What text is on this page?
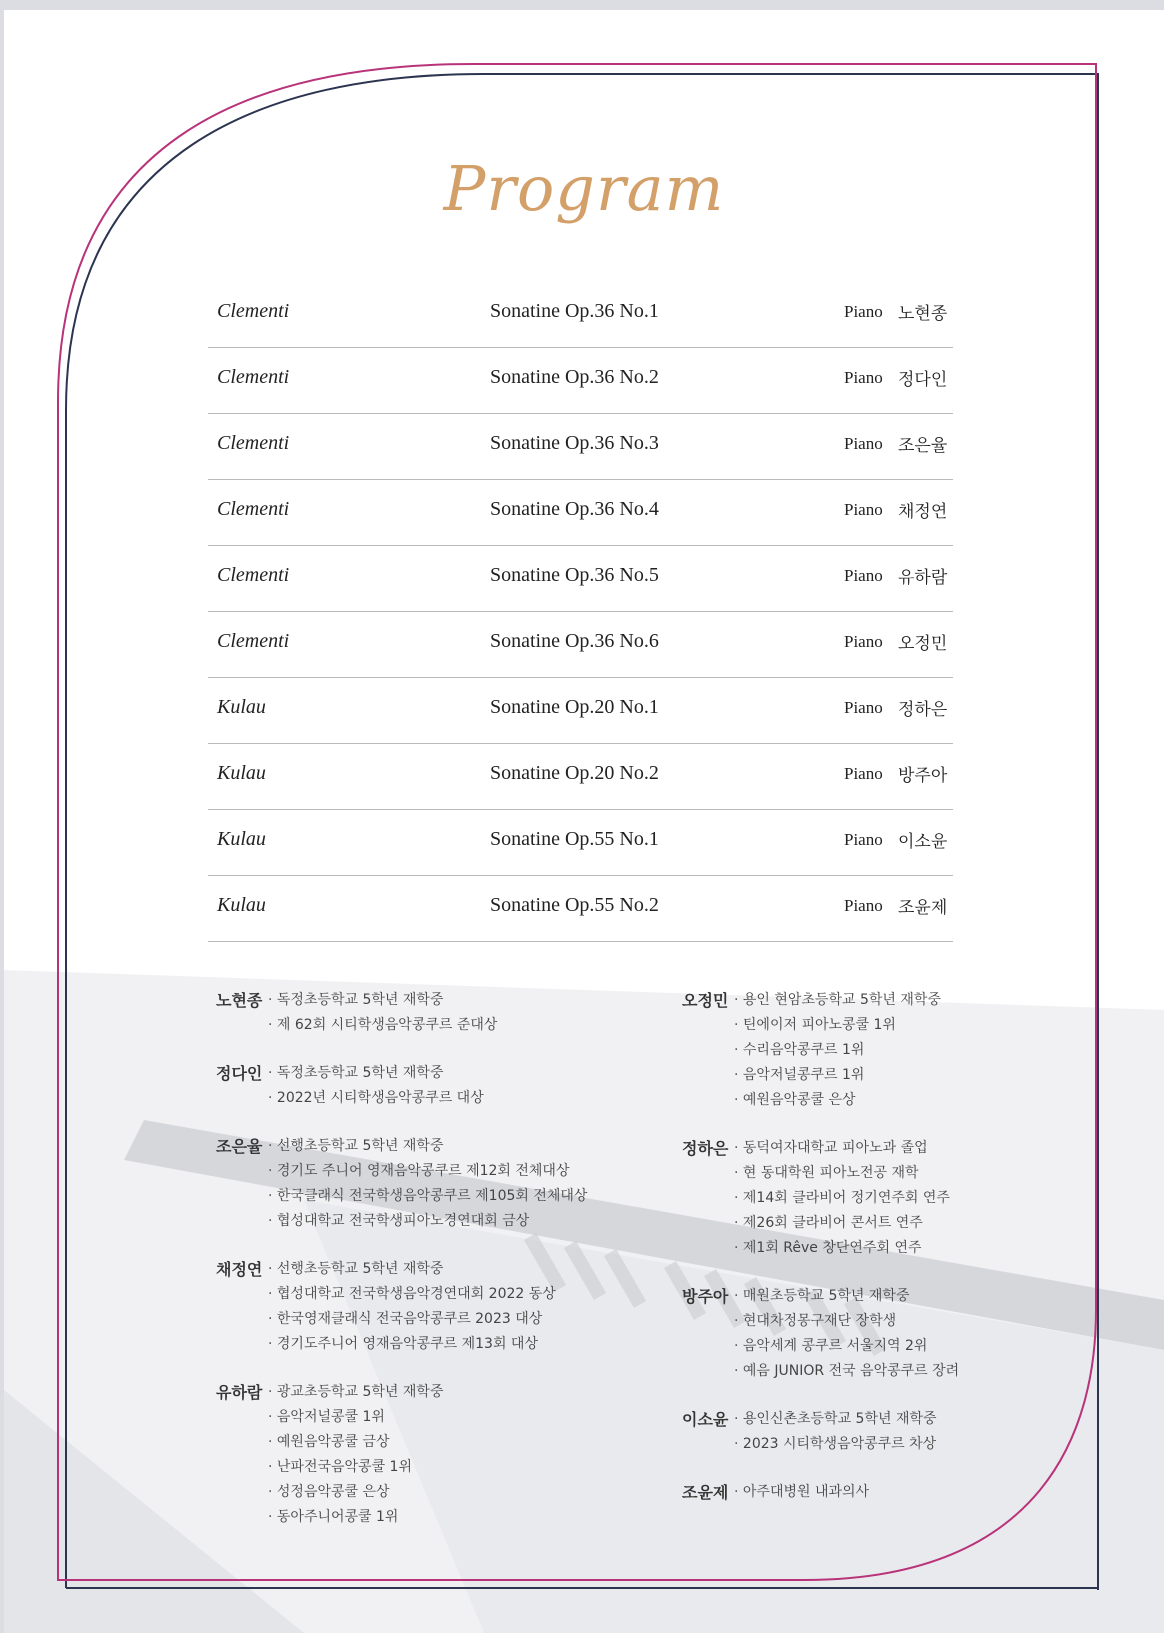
Program
Clementi	Sonatine Op.36 No.1	Piano 노현종
Clementi	Sonatine Op.36 No.2	Piano 정다인
Clementi	Sonatine Op.36 No.3	Piano 조은율
Clementi	Sonatine Op.36 No.4	Piano 채정연
Clementi	Sonatine Op.36 No.5	Piano 유하람
Clementi	Sonatine Op.36 No.6	Piano 오정민
Kulau	Sonatine Op.20 No.1	Piano 정하은
Kulau	Sonatine Op.20 No.2	Piano 방주아
Kulau	Sonatine Op.55 No.1	Piano 이소윤
Kulau	Sonatine Op.55 No.2	Piano 조윤제
노현종	· 독정초등학교 5학년 재학중
· 제 62회 시티학생음악콩쿠르 준대상
정다인	· 독정초등학교 5학년 재학중
· 2022년 시티학생음악콩쿠르 대상
조은율	· 선행초등학교 5학년 재학중
· 경기도 주니어 영재음악콩쿠르 제12회 전체대상
· 한국클래식 전국학생음악콩쿠르 제105회 전체대상
· 협성대학교 전국학생피아노경연대회 금상
채정연	· 선행초등학교 5학년 재학중
· 협성대학교 전국학생음악경연대회 2022 동상
· 한국영재클래식 전국음악콩쿠르 2023 대상
· 경기도주니어 영재음악콩쿠르 제13회 대상
유하람	· 광교초등학교 5학년 재학중
· 음악저널콩쿨 1위
· 예원음악콩쿨 금상
· 난파전국음악콩쿨 1위
· 성정음악콩쿨 은상
· 동아주니어콩쿨 1위
오정민	· 용인 현암초등학교 5학년 재학중
· 틴에이저 피아노콩쿨 1위
· 수리음악콩쿠르 1위
· 음악저널콩쿠르 1위
· 예원음악콩쿨 은상
정하은	· 동덕여자대학교 피아노과 졸업
· 현 동대학원 피아노전공 재학
· 제14회 클라비어 정기연주회 연주
· 제26회 클라비어 콘서트 연주
· 제1회 Rêve 창단연주회 연주
방주아	· 매원초등학교 5학년 재학중
· 현대차정몽구재단 장학생
· 음악세계 콩쿠르 서울지역 2위
· 예음 JUNIOR 전국 음악콩쿠르 장려
이소윤	· 용인신촌초등학교 5학년 재학중
· 2023 시티학생음악콩쿠르 차상
조윤제	· 아주대병원 내과의사
